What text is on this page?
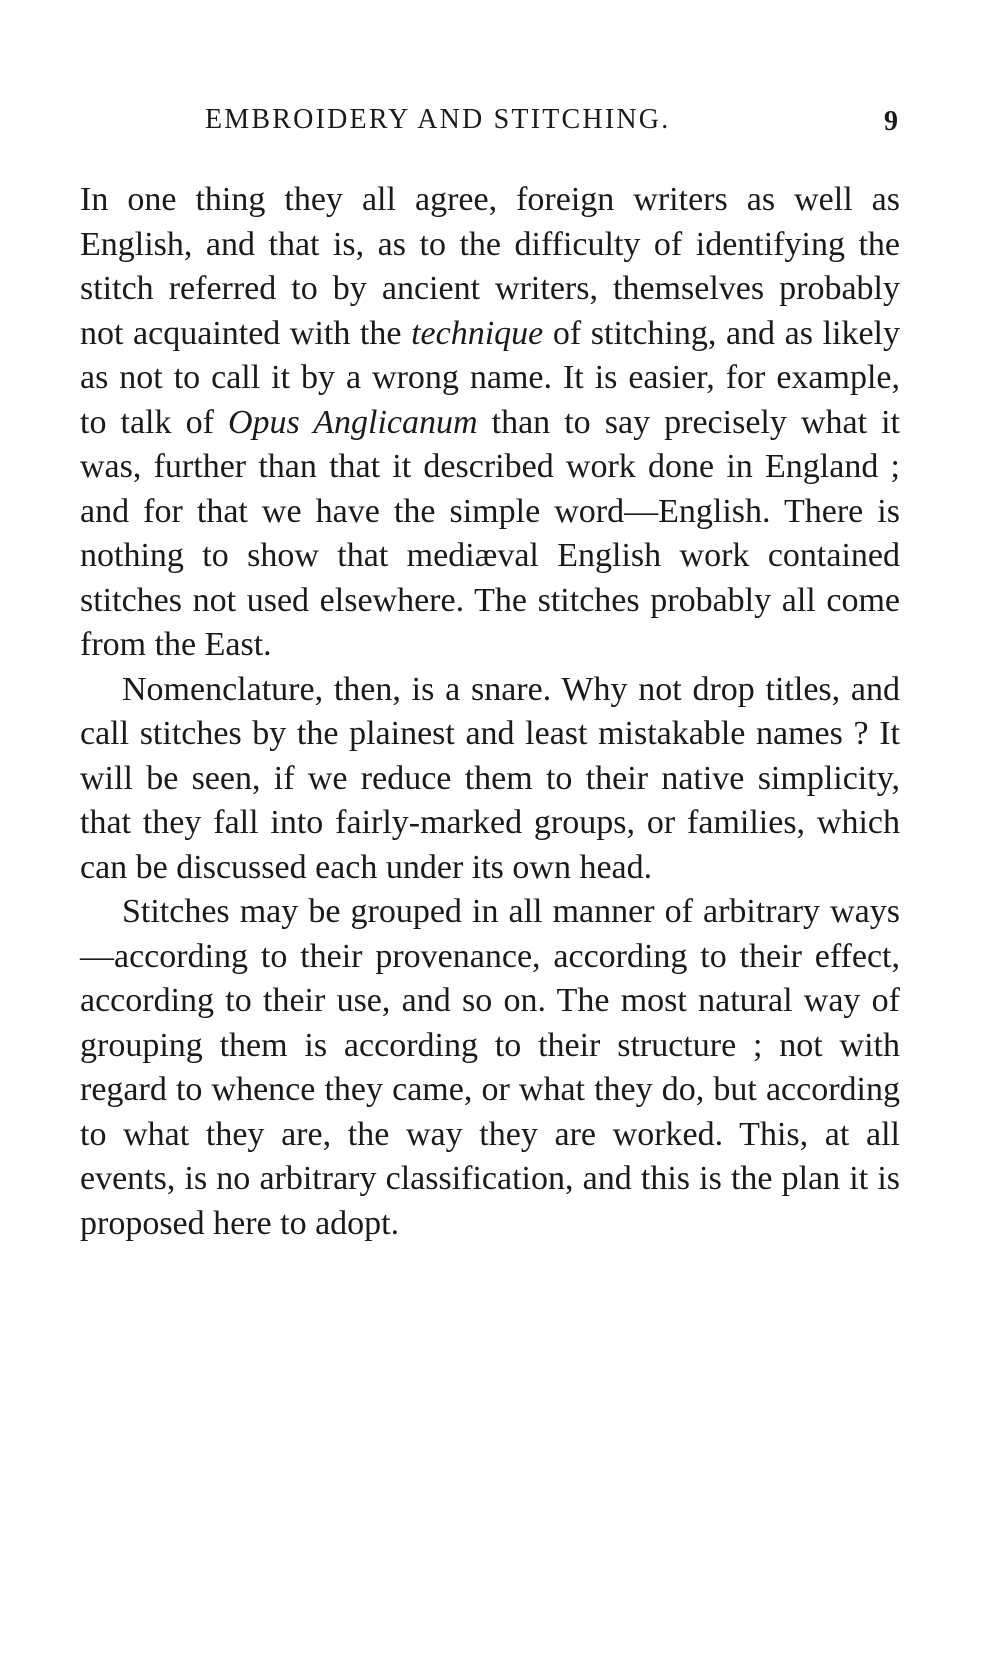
EMBROIDERY AND STITCHING.	9

In one thing they all agree, foreign writers as well as English, and that is, as to the difficulty of identifying the stitch referred to by ancient writers, themselves probably not acquainted with the technique of stitching, and as likely as not to call it by a wrong name. It is easier, for example, to talk of Opus Anglicanum than to say precisely what it was, further than that it described work done in England ; and for that we have the simple word—English. There is nothing to show that mediæval English work contained stitches not used elsewhere. The stitches probably all come from the East.

Nomenclature, then, is a snare. Why not drop titles, and call stitches by the plainest and least mistakable names ? It will be seen, if we reduce them to their native simplicity, that they fall into fairly-marked groups, or families, which can be discussed each under its own head.

Stitches may be grouped in all manner of arbitrary ways—according to their provenance, according to their effect, according to their use, and so on. The most natural way of grouping them is according to their structure ; not with regard to whence they came, or what they do, but according to what they are, the way they are worked. This, at all events, is no arbitrary classification, and this is the plan it is proposed here to adopt.
